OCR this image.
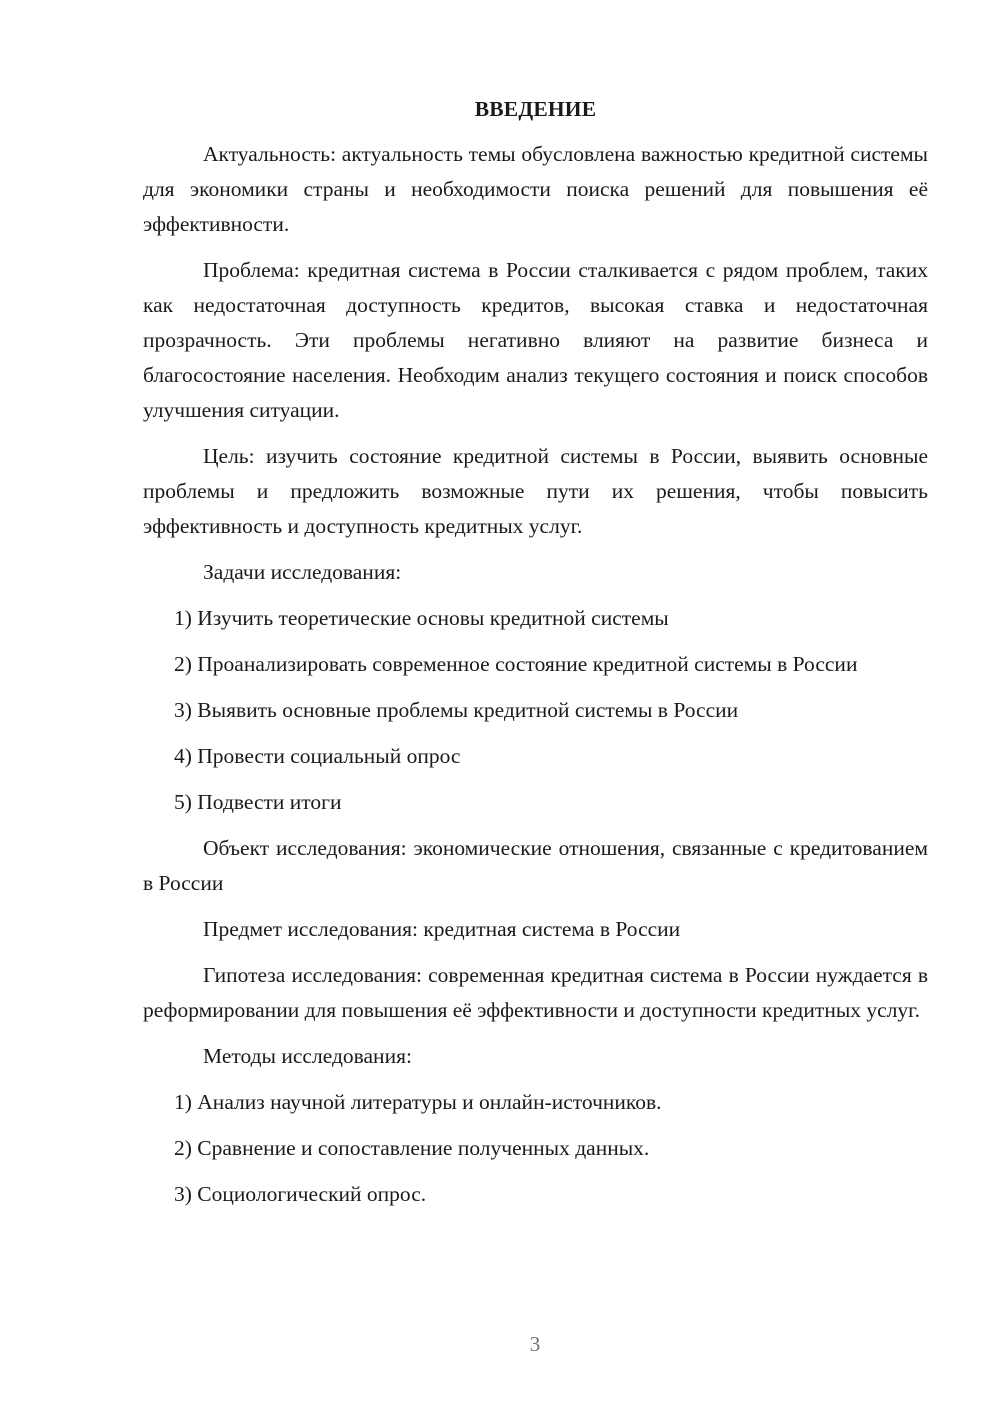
ВВЕДЕНИЕ

Актуальность: актуальность темы обусловлена важностью кредитной системы для экономики страны и необходимости поиска решений для повышения её эффективности.

Проблема: кредитная система в России сталкивается с рядом проблем, таких как недостаточная доступность кредитов, высокая ставка и недостаточная прозрачность. Эти проблемы негативно влияют на развитие бизнеса и благосостояние населения. Необходим анализ текущего состояния и поиск способов улучшения ситуации.

Цель: изучить состояние кредитной системы в России, выявить основные проблемы и предложить возможные пути их решения, чтобы повысить эффективность и доступность кредитных услуг.

Задачи исследования:

1) Изучить теоретические основы кредитной системы

2) Проанализировать современное состояние кредитной системы в России

3) Выявить основные проблемы кредитной системы в России

4) Провести социальный опрос

5) Подвести итоги

Объект исследования: экономические отношения, связанные с кредитованием в России

Предмет исследования: кредитная система в России

Гипотеза исследования: современная кредитная система в России нуждается в реформировании для повышения её эффективности и доступности кредитных услуг.

Методы исследования:

1) Анализ научной литературы и онлайн-источников.

2) Сравнение и сопоставление полученных данных.

3) Социологический опрос.

3
